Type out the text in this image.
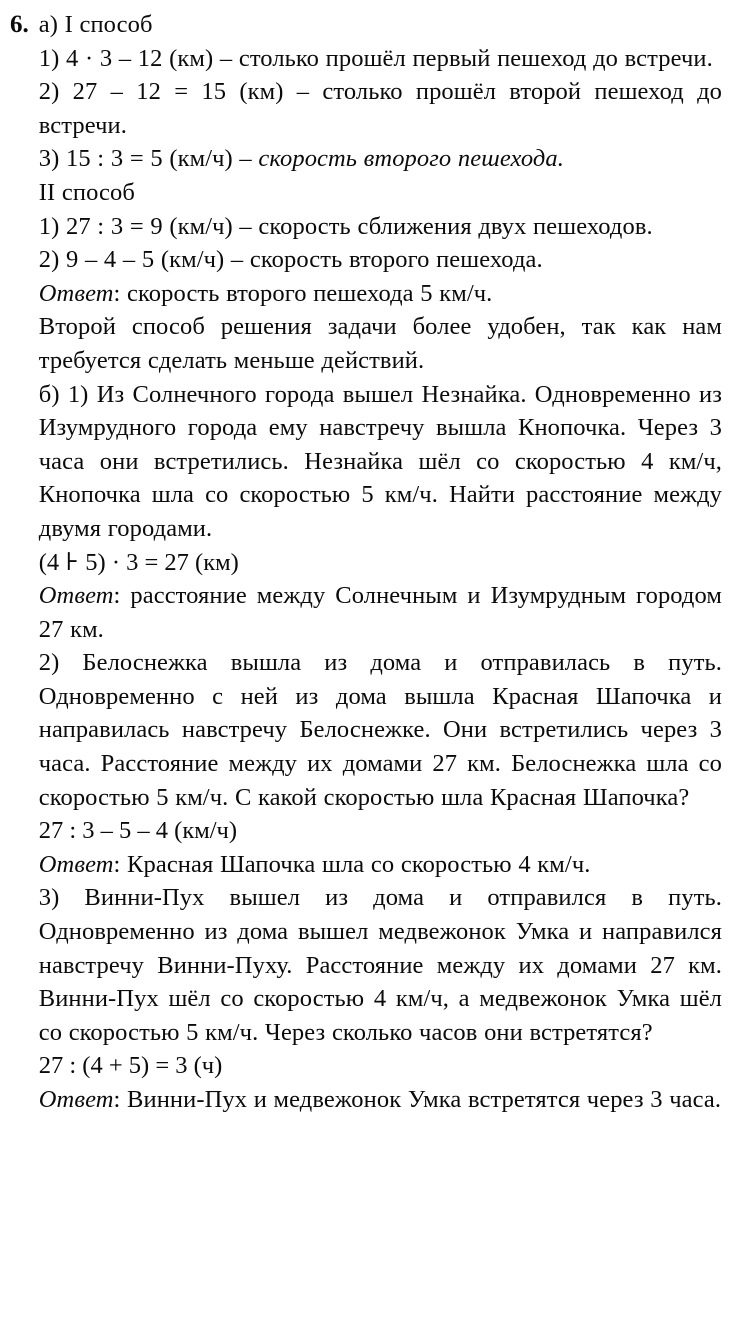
6. а) I способ

1) 4 · 3 – 12 (км) – столько прошёл первый пешеход до встречи.

2) 27 – 12 = 15 (км) – столько прошёл второй пешеход до встречи.

3) 15 : 3 = 5 (км/ч) – скорость второго пешехода.

II способ

1) 27 : 3 = 9 (км/ч) – скорость сближения двух пешеходов.

2) 9 – 4 – 5 (км/ч) – скорость второго пешехода.

Ответ: скорость второго пешехода 5 км/ч.

Второй способ решения задачи более удобен, так как нам требуется сделать меньше действий.

б) 1) Из Солнечного города вышел Незнайка. Одновременно из Изумрудного города ему навстречу вышла Кнопочка. Через 3 часа они встретились. Незнайка шёл со скоростью 4 км/ч, Кнопочка шла со скоростью 5 км/ч. Найти расстояние между двумя городами.

(4 ⊦ 5) · 3 = 27 (км)

Ответ: расстояние между Солнечным и Изумрудным городом 27 км.

2) Белоснежка вышла из дома и отправилась в путь. Одновременно с ней из дома вышла Красная Шапочка и направилась навстречу Белоснежке. Они встретились через 3 часа. Расстояние между их домами 27 км. Белоснежка шла со скоростью 5 км/ч. С какой скоростью шла Красная Шапочка?

27 : 3 – 5 – 4 (км/ч)

Ответ: Красная Шапочка шла со скоростью 4 км/ч.

3) Винни-Пух вышел из дома и отправился в путь. Одновременно из дома вышел медвежонок Умка и направился навстречу Винни-Пуху. Расстояние между их домами 27 км. Винни-Пух шёл со скоростью 4 км/ч, а медвежонок Умка шёл со скоростью 5 км/ч. Через сколько часов они встретятся?

27 : (4 + 5) = 3 (ч)

Ответ: Винни-Пух и медвежонок Умка встретятся через 3 часа.
